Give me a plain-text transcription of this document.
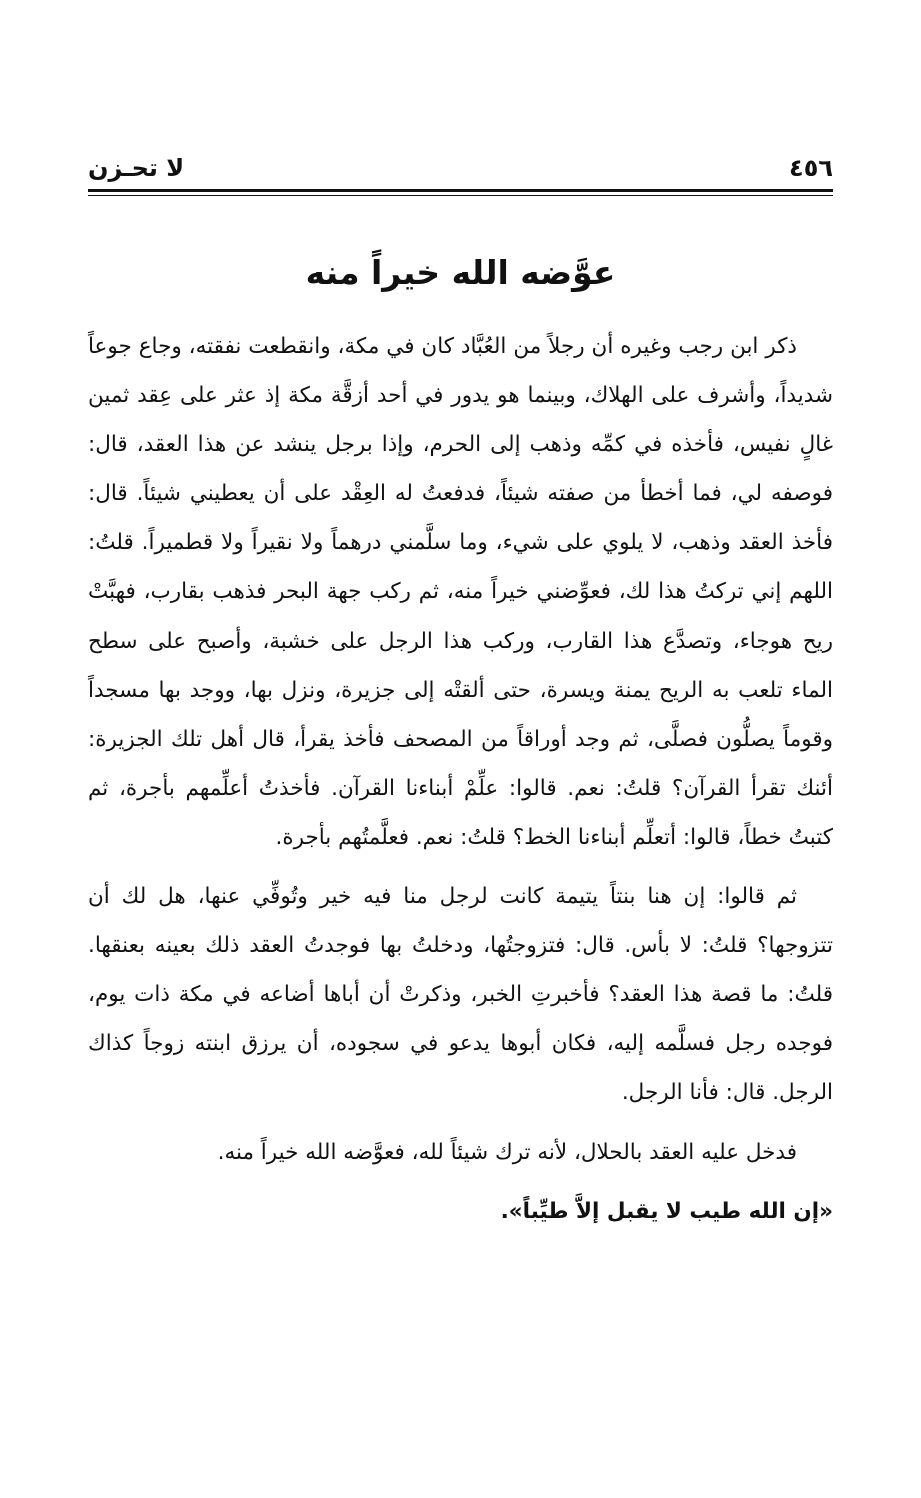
٤٥٦
لا تحـزن
عوَّضه الله خيراً منه

ذكر ابن رجب وغيره أن رجلاً من العُبَّاد كان في مكة، وانقطعت نفقته، وجاع جوعاً شديداً، وأشرف على الهلاك، وبينما هو يدور في أحد أزقَّة مكة إذ عثر على عِقد ثمين غالٍ نفيس، فأخذه في كمِّه وذهب إلى الحرم، وإذا برجل ينشد عن هذا العقد، قال: فوصفه لي، فما أخطأ من صفته شيئاً، فدفعتُ له العِقْد على أن يعطيني شيئاً. قال: فأخذ العقد وذهب، لا يلوي على شيء، وما سلَّمني درهماً ولا نقيراً ولا قطميراً. قلتُ: اللهم إني تركتُ هذا لك، فعوِّضني خيراً منه، ثم ركب جهة البحر فذهب بقارب، فهبَّتْ ريح هوجاء، وتصدَّع هذا القارب، وركب هذا الرجل على خشبة، وأصبح على سطح الماء تلعب به الريح يمنة ويسرة، حتى ألقتْه إلى جزيرة، ونزل بها، ووجد بها مسجداً وقوماً يصلُّون فصلَّى، ثم وجد أوراقاً من المصحف فأخذ يقرأ، قال أهل تلك الجزيرة: أئنك تقرأ القرآن؟ قلتُ: نعم. قالوا: علِّمْ أبناءنا القرآن. فأخذتُ أعلِّمهم بأجرة، ثم كتبتُ خطاً، قالوا: أتعلِّم أبناءنا الخط؟ قلتُ: نعم. فعلَّمتُهم بأجرة.

ثم قالوا: إن هنا بنتاً يتيمة كانت لرجل منا فيه خير وتُوفِّي عنها، هل لك أن تتزوجها؟ قلتُ: لا بأس. قال: فتزوجتُها، ودخلتُ بها فوجدتُ العقد ذلك بعينه بعنقها. قلتُ: ما قصة هذا العقد؟ فأخبرتِ الخبر، وذكرتْ أن أباها أضاعه في مكة ذات يوم، فوجده رجل فسلَّمه إليه، فكان أبوها يدعو في سجوده، أن يرزق ابنته زوجاً كذاك الرجل. قال: فأنا الرجل.

فدخل عليه العقد بالحلال، لأنه ترك شيئاً لله، فعوَّضه الله خيراً منه.

«إن الله طيب لا يقبل إلاَّ طيِّباً».
